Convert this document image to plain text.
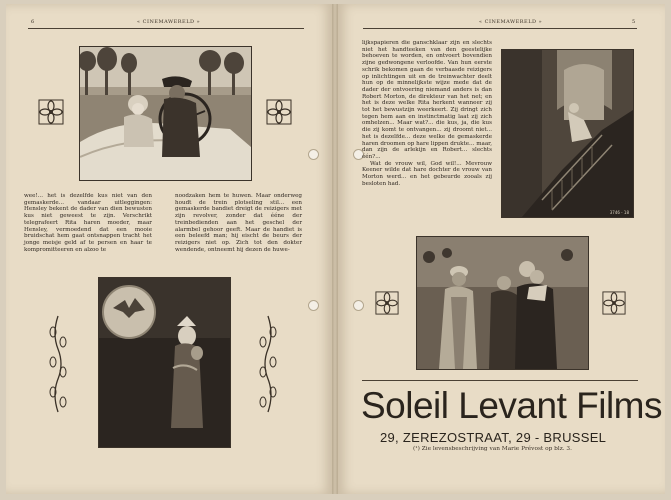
6	« CINEMAWERELD »

wee!... het is dezelfde kus niet van den gemaskerde... vandaar uitleggingen: Hensley bekent de dader van dien bewusten kus niet geweest te zijn. Verschrikt telegrafeert Rita haren moeder, maar Hensley, vermoedend dat een mooie bruidschat hem gaat ontsnappen tracht het jonge meisje geld af te persen en haar te kompromitteeren en alzoo te

noodzaken hem te huwen. Maar onderweg houdt de trein plotseling stil... een gemaskerde bandiet dreigt de reizigers met zijn revolver, zonder dat ééne der treinbedienden aan het geschel der alarmbel gehoor geeft. Maar de handiet is een beleefd man; hij eischt de beurs der reizigers niet op. Zich tot den dokter wendende, ontneemt hij dezen de huwe-

« CINEMAWERELD »	5

lijkspapieren die ganschklaar zijn en slechts niet het handteeken van den geestelijke behoeven te worden, en ontvoert bovendien zijne gedwongene verloofde. Van hun eerste schrik bekomen gaan de verbaasde reizigers op inlichtingen uit en de treinwachter deelt hun op de minnelijkste wijze mede dat de dader der ontvoering niemand anders is dan Robert Morton, de direkteur van het net; en het is deze welke Rita herkent wanneer zij tot het bewustzijn weerkeert. Zij dringt zich tegen hem aan en instinctmatig laat zij zich omhelzen... Maar wat?... die kus, ja, die kus die zij komt te ontvangen... zij droomt niet... het is dezelfde... deze welke de gemaskerde haren droomen op hare lippen drukte... maar, dan zijn de arlekijn en Robert... slechts één?...

Wat de vrouw wil, God wil!... Mevrouw Keener wilde dat hare dochter de vrouw van Morton werd... en het gebeurde zooals zij besloten had.

3746 - 18
Soleil Levant Films
29, ZEREZOSTRAAT, 29 - BRUSSEL
(¹) Zie levensbeschrijving van Marie Prévost op blz. 3.
